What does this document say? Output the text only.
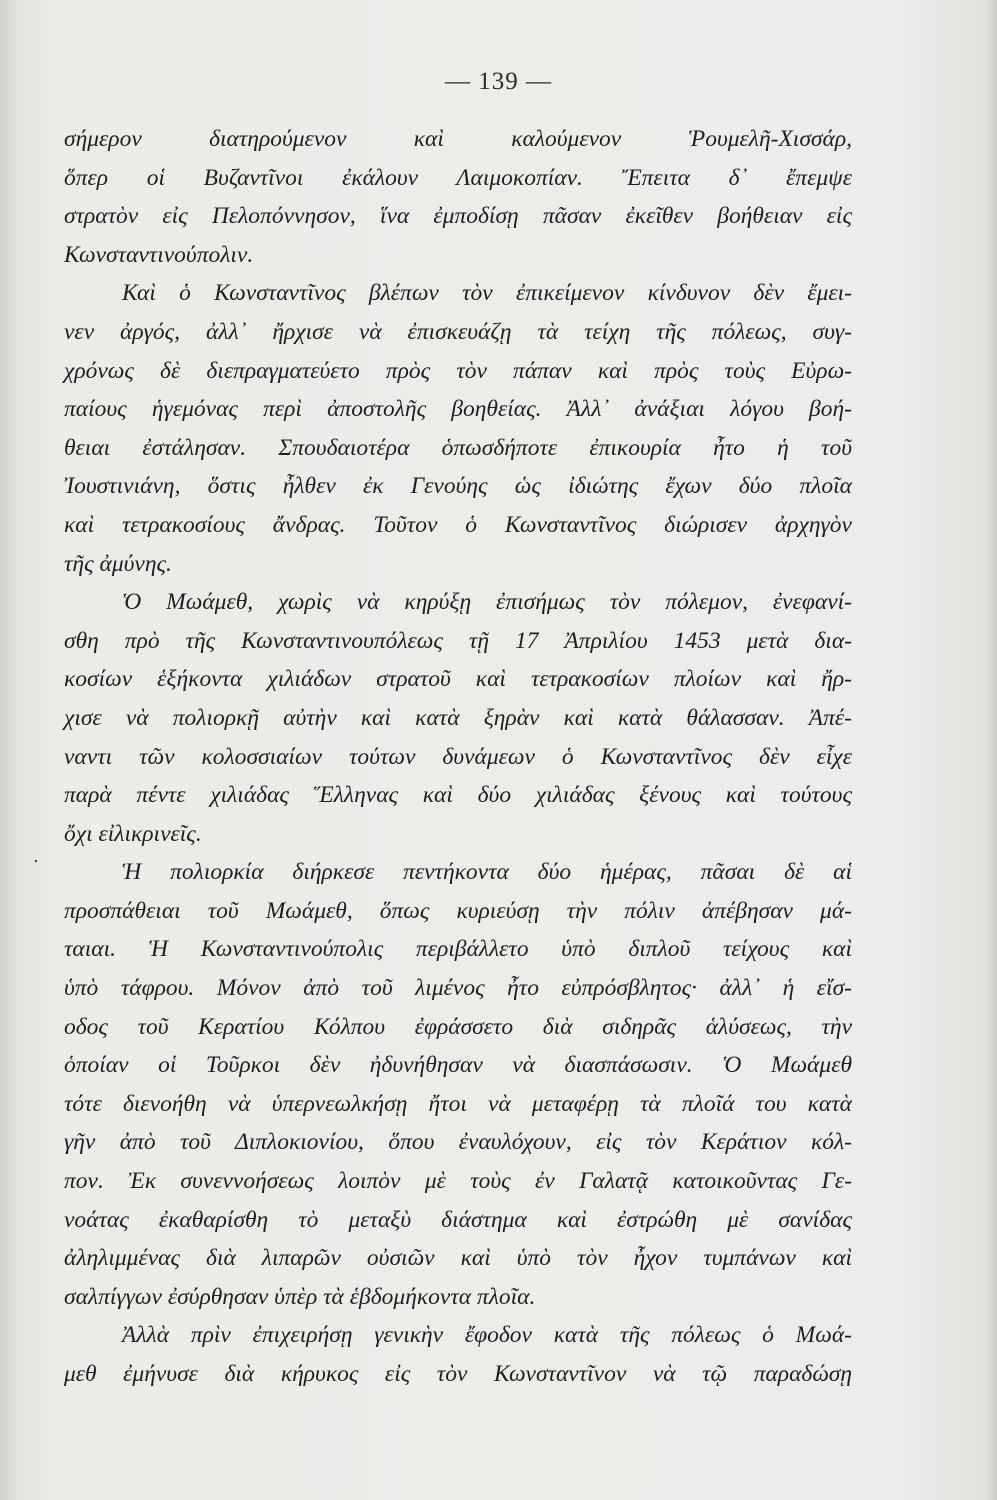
— 139 —
.
σήμερον διατηρούμενον καὶ καλούμενον Ῥουμελῆ-Χισσάρ,
ὅπερ οἱ Βυζαντῖνοι ἐκάλουν Λαιμοκοπίαν. Ἔπειτα δ᾽ ἔπεμψε
στρατὸν εἰς Πελοπόννησον, ἵνα ἐμποδίσῃ πᾶσαν ἐκεῖθεν βοήθειαν εἰς
Κωνσταντινούπολιν.
Καὶ ὁ Κωνσταντῖνος βλέπων τὸν ἐπικείμενον κίνδυνον δὲν ἔμει-
νεν ἀργός, ἀλλ᾽ ἤρχισε νὰ ἐπισκευάζῃ τὰ τείχη τῆς πόλεως, συγ-
χρόνως δὲ διεπραγματεύετο πρὸς τὸν πάπαν καὶ πρὸς τοὺς Εὐρω-
παίους ἡγεμόνας περὶ ἀποστολῆς βοηθείας. Ἀλλ᾽ ἀνάξιαι λόγου βοή-
θειαι ἐστάλησαν. Σπουδαιοτέρα ὁπωσδήποτε ἐπικουρία ἦτο ἡ τοῦ
Ἰουστινιάνη, ὅστις ἦλθεν ἐκ Γενούης ὡς ἰδιώτης ἔχων δύο πλοῖα
καὶ τετρακοσίους ἄνδρας. Τοῦτον ὁ Κωνσταντῖνος διώρισεν ἀρχηγὸν
τῆς ἀμύνης.
Ὁ Μωάμεθ, χωρὶς νὰ κηρύξῃ ἐπισήμως τὸν πόλεμον, ἐνεφανί-
σθη πρὸ τῆς Κωνσταντινουπόλεως τῇ 17 Ἀπριλίου 1453 μετὰ δια-
κοσίων ἑξήκοντα χιλιάδων στρατοῦ καὶ τετρακοσίων πλοίων καὶ ἤρ-
χισε νὰ πολιορκῇ αὐτὴν καὶ κατὰ ξηρὰν καὶ κατὰ θάλασσαν. Ἀπέ-
ναντι τῶν κολοσσιαίων τούτων δυνάμεων ὁ Κωνσταντῖνος δὲν εἶχε
παρὰ πέντε χιλιάδας Ἕλληνας καὶ δύο χιλιάδας ξένους καὶ τούτους
ὄχι εἰλικρινεῖς.
Ἡ πολιορκία διήρκεσε πεντήκοντα δύο ἡμέρας, πᾶσαι δὲ αἱ
προσπάθειαι τοῦ Μωάμεθ, ὅπως κυριεύσῃ τὴν πόλιν ἀπέβησαν μά-
ταιαι. Ἡ Κωνσταντινούπολις περιβάλλετο ὑπὸ διπλοῦ τείχους καὶ
ὑπὸ τάφρου. Μόνον ἀπὸ τοῦ λιμένος ἦτο εὐπρόσβλητος· ἀλλ᾽ ἡ εἴσ-
οδος τοῦ Κερατίου Κόλπου ἐφράσσετο διὰ σιδηρᾶς ἁλύσεως, τὴν
ὁποίαν οἱ Τοῦρκοι δὲν ἠδυνήθησαν νὰ διασπάσωσιν. Ὁ Μωάμεθ
τότε διενοήθη νὰ ὑπερνεωλκήσῃ ἤτοι νὰ μεταφέρῃ τὰ πλοῖά του κατὰ
γῆν ἀπὸ τοῦ Διπλοκιονίου, ὅπου ἐναυλόχουν, εἰς τὸν Κεράτιον κόλ-
πον. Ἐκ συνεννοήσεως λοιπὸν μὲ τοὺς ἐν Γαλατᾷ κατοικοῦντας Γε-
νοάτας ἐκαθαρίσθη τὸ μεταξὺ διάστημα καὶ ἐστρώθη μὲ σανίδας
ἀληλιμμένας διὰ λιπαρῶν οὐσιῶν καὶ ὑπὸ τὸν ἦχον τυμπάνων καὶ
σαλπίγγων ἐσύρθησαν ὑπὲρ τὰ ἑβδομήκοντα πλοῖα.
Ἀλλὰ πρὶν ἐπιχειρήσῃ γενικὴν ἔφοδον κατὰ τῆς πόλεως ὁ Μωά-
μεθ ἐμήνυσε διὰ κήρυκος εἰς τὸν Κωνσταντῖνον νὰ τῷ παραδώσῃ
